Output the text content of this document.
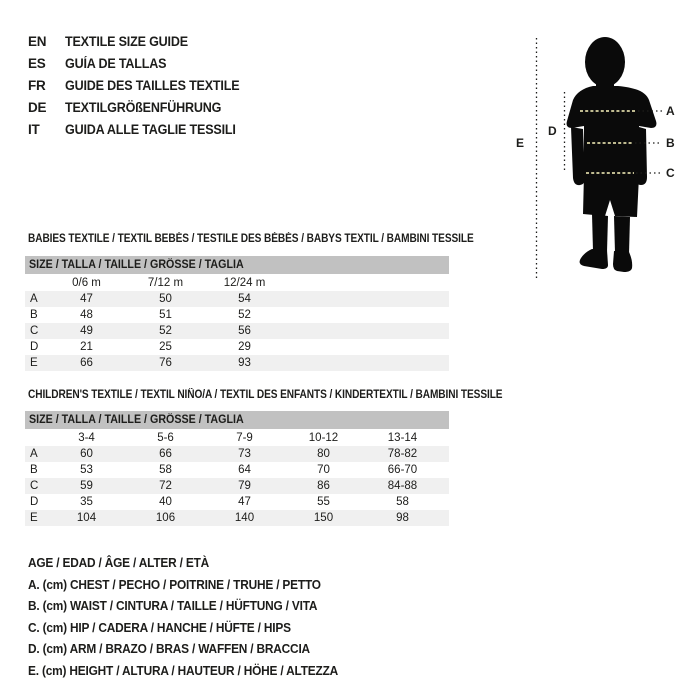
EN	TEXTILE SIZE GUIDE
ES	GUÍA DE TALLAS
FR	GUIDE DES TAILLES TEXTILE
DE	TEXTILGRÖßENFÜHRUNG
IT	GUIDA ALLE TAGLIE TESSILI
A
B
C
D
E
BABIES TEXTILE / TEXTIL BEBÉS / TESTILE DES BÉBÉS / BABYS TEXTIL / BAMBINI TESSILE
SIZE / TALLA / TAILLE / GRÖSSE / TAGLIA
0/6 m	7/12 m	12/24 m
A	47	50	54
B	48	51	52
C	49	52	56
D	21	25	29
E	66	76	93
CHILDREN'S TEXTILE / TEXTIL NIÑO/A / TEXTIL DES ENFANTS / KINDERTEXTIL / BAMBINI TESSILE
SIZE / TALLA / TAILLE / GRÖSSE / TAGLIA
3-4	5-6	7-9	10-12	13-14
A	60	66	73	80	78-82
B	53	58	64	70	66-70
C	59	72	79	86	84-88
D	35	40	47	55	58
E	104	106	140	150	98
AGE / EDAD / ÂGE / ALTER / ETÀ
A. (cm) CHEST / PECHO / POITRINE / TRUHE / PETTO
B. (cm) WAIST / CINTURA / TAILLE / HÜFTUNG / VITA
C. (cm) HIP / CADERA / HANCHE / HÜFTE / HIPS
D. (cm) ARM / BRAZO / BRAS / WAFFEN / BRACCIA
E. (cm) HEIGHT / ALTURA / HAUTEUR / HÖHE / ALTEZZA
